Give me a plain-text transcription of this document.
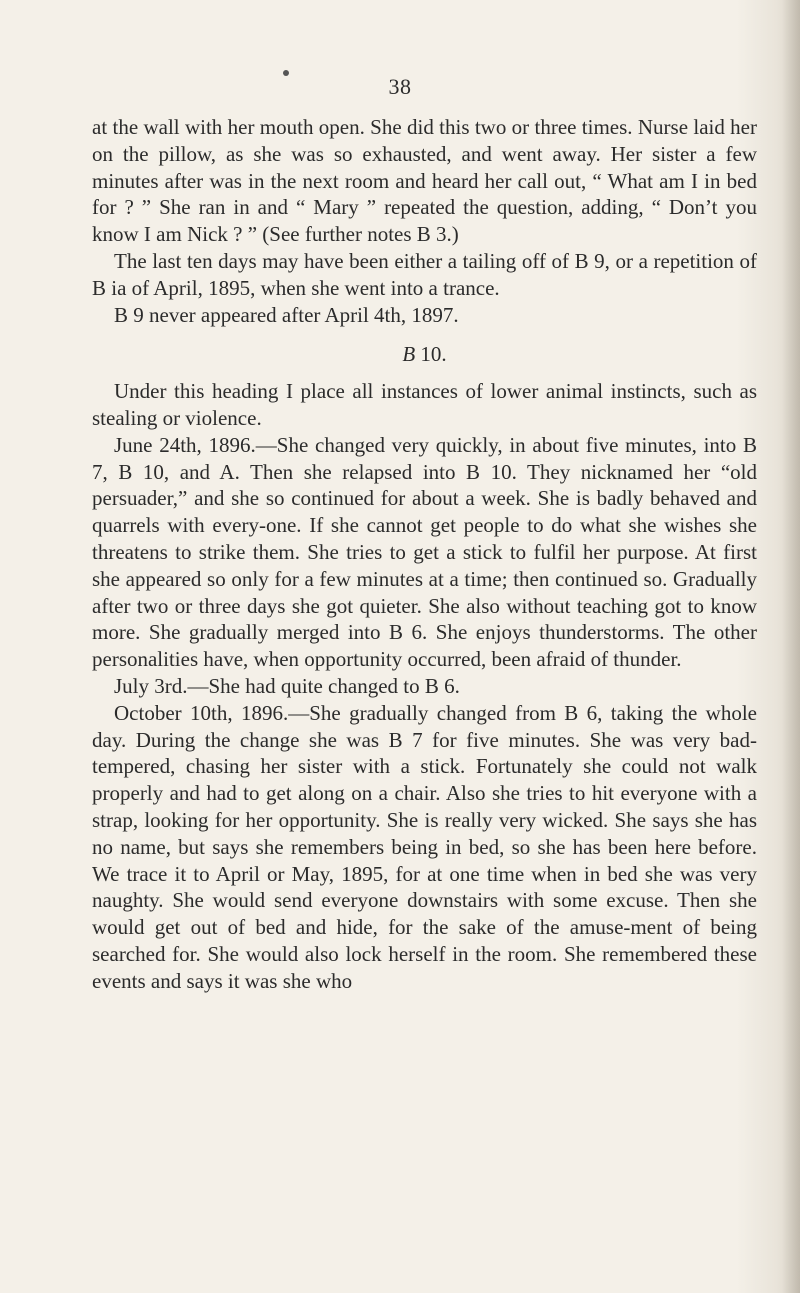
38

at the wall with her mouth open. She did this two or three times. Nurse laid her on the pillow, as she was so exhausted, and went away. Her sister a few minutes after was in the next room and heard her call out, “ What am I in bed for ? ” She ran in and “ Mary ” repeated the question, adding, “ Don’t you know I am Nick ? ” (See further notes B 3.)

The last ten days may have been either a tailing off of B 9, or a repetition of B ia of April, 1895, when she went into a trance.

B 9 never appeared after April 4th, 1897.

B 10.

Under this heading I place all instances of lower animal instincts, such as stealing or violence.

June 24th, 1896.—She changed very quickly, in about five minutes, into B 7, B 10, and A. Then she relapsed into B 10. They nicknamed her “old persuader,” and she so continued for about a week. She is badly behaved and quarrels with every-one. If she cannot get people to do what she wishes she threatens to strike them. She tries to get a stick to fulfil her purpose. At first she appeared so only for a few minutes at a time; then continued so. Gradually after two or three days she got quieter. She also without teaching got to know more. She gradually merged into B 6. She enjoys thunderstorms. The other personalities have, when opportunity occurred, been afraid of thunder.

July 3rd.—She had quite changed to B 6.

October 10th, 1896.—She gradually changed from B 6, taking the whole day. During the change she was B 7 for five minutes. She was very bad-tempered, chasing her sister with a stick. Fortunately she could not walk properly and had to get along on a chair. Also she tries to hit everyone with a strap, looking for her opportunity. She is really very wicked. She says she has no name, but says she remembers being in bed, so she has been here before. We trace it to April or May, 1895, for at one time when in bed she was very naughty. She would send everyone downstairs with some excuse. Then she would get out of bed and hide, for the sake of the amuse-ment of being searched for. She would also lock herself in the room. She remembered these events and says it was she who
